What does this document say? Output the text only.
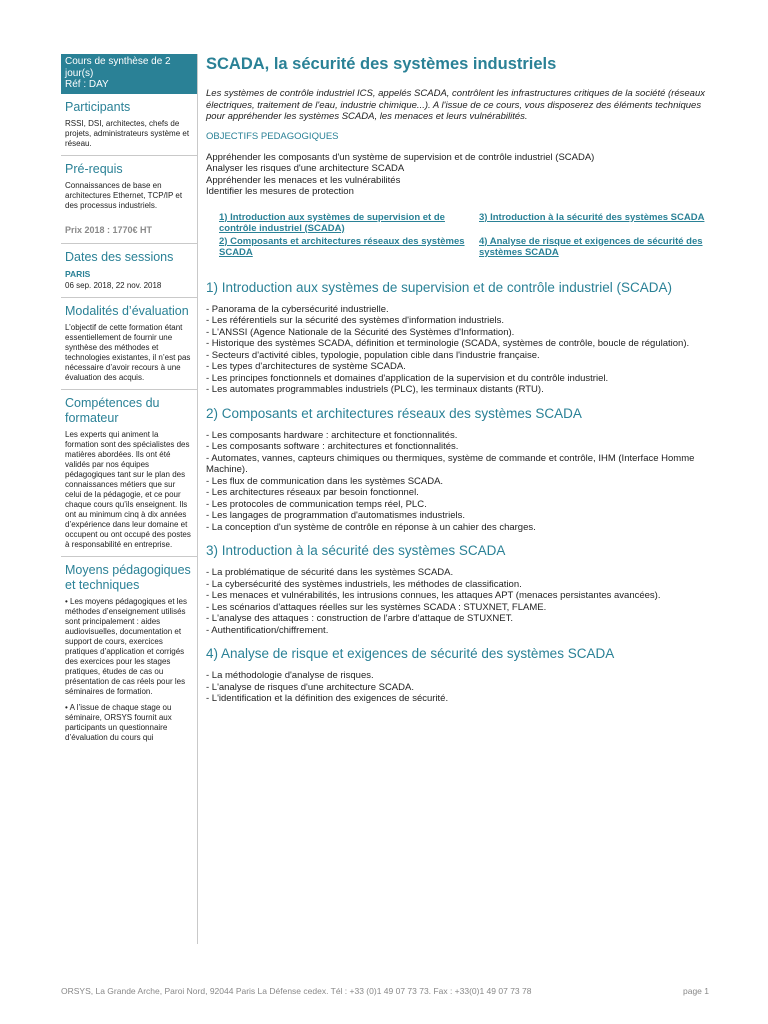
Cours de synthèse de 2 jour(s)
Réf : DAY
Participants
RSSI, DSI, architectes, chefs de projets, administrateurs système et réseau.
Pré-requis
Connaissances de base en architectures Ethernet, TCP/IP et des processus industriels.
Prix 2018 : 1770€ HT
Dates des sessions
PARIS
06 sep. 2018, 22 nov. 2018
Modalités d’évaluation
L’objectif de cette formation étant essentiellement de fournir une synthèse des méthodes et technologies existantes, il n’est pas nécessaire d’avoir recours à une évaluation des acquis.
Compétences du formateur
Les experts qui animent la formation sont des spécialistes des matières abordées. Ils ont été validés par nos équipes pédagogiques tant sur le plan des connaissances métiers que sur celui de la pédagogie, et ce pour chaque cours qu’ils enseignent. Ils ont au minimum cinq à dix années d’expérience dans leur domaine et occupent ou ont occupé des postes à responsabilité en entreprise.
Moyens pédagogiques et techniques
• Les moyens pédagogiques et les méthodes d’enseignement utilisés sont principalement : aides audiovisuelles, documentation et support de cours, exercices pratiques d’application et corrigés des exercices pour les stages pratiques, études de cas ou présentation de cas réels pour les séminaires de formation.
• A l’issue de chaque stage ou séminaire, ORSYS fournit aux participants un questionnaire d’évaluation du cours qui
SCADA, la sécurité des systèmes industriels
Les systèmes de contrôle industriel ICS, appelés SCADA, contrôlent les infrastructures critiques de la société (réseaux électriques, traitement de l'eau, industrie chimique...). A l'issue de ce cours, vous disposerez des éléments techniques pour appréhender les systèmes SCADA, les menaces et leurs vulnérabilités.
OBJECTIFS PEDAGOGIQUES
Appréhender les composants d'un système de supervision et de contrôle industriel (SCADA)
Analyser les risques d'une architecture SCADA
Appréhender les menaces et les vulnérabilités
Identifier les mesures de protection
1) Introduction aux systèmes de supervision et de contrôle industriel (SCADA)
3) Introduction à la sécurité des systèmes SCADA
2) Composants et architectures réseaux des systèmes SCADA
4) Analyse de risque et exigences de sécurité des systèmes SCADA
1) Introduction aux systèmes de supervision et de contrôle industriel (SCADA)
- Panorama de la cybersécurité industrielle.
- Les référentiels sur la sécurité des systèmes d'information industriels.
- L'ANSSI (Agence Nationale de la Sécurité des Systèmes d'Information).
- Historique des systèmes SCADA, définition et terminologie (SCADA, systèmes de contrôle, boucle de régulation).
- Secteurs d'activité cibles, typologie, population cible dans l'industrie française.
- Les types d'architectures de système SCADA.
- Les principes fonctionnels et domaines d'application de la supervision et du contrôle industriel.
- Les automates programmables industriels (PLC), les terminaux distants (RTU).
2) Composants et architectures réseaux des systèmes SCADA
- Les composants hardware : architecture et fonctionnalités.
- Les composants software : architectures et fonctionnalités.
- Automates, vannes, capteurs chimiques ou thermiques, système de commande et contrôle, IHM (Interface Homme Machine).
- Les flux de communication dans les systèmes SCADA.
- Les architectures réseaux par besoin fonctionnel.
- Les protocoles de communication temps réel, PLC.
- Les langages de programmation d'automatismes industriels.
- La conception d'un système de contrôle en réponse à un cahier des charges.
3) Introduction à la sécurité des systèmes SCADA
- La problématique de sécurité dans les systèmes SCADA.
- La cybersécurité des systèmes industriels, les méthodes de classification.
- Les menaces et vulnérabilités, les intrusions connues, les attaques APT (menaces persistantes avancées).
- Les scénarios d'attaques réelles sur les systèmes SCADA : STUXNET, FLAME.
- L'analyse des attaques : construction de l'arbre d'attaque de STUXNET.
- Authentification/chiffrement.
4) Analyse de risque et exigences de sécurité des systèmes SCADA
- La méthodologie d'analyse de risques.
- L'analyse de risques d'une architecture SCADA.
- L'identification et la définition des exigences de sécurité.
ORSYS, La Grande Arche, Paroi Nord, 92044 Paris La Défense cedex. Tél : +33 (0)1 49 07 73 73. Fax : +33(0)1 49 07 73 78	page 1
